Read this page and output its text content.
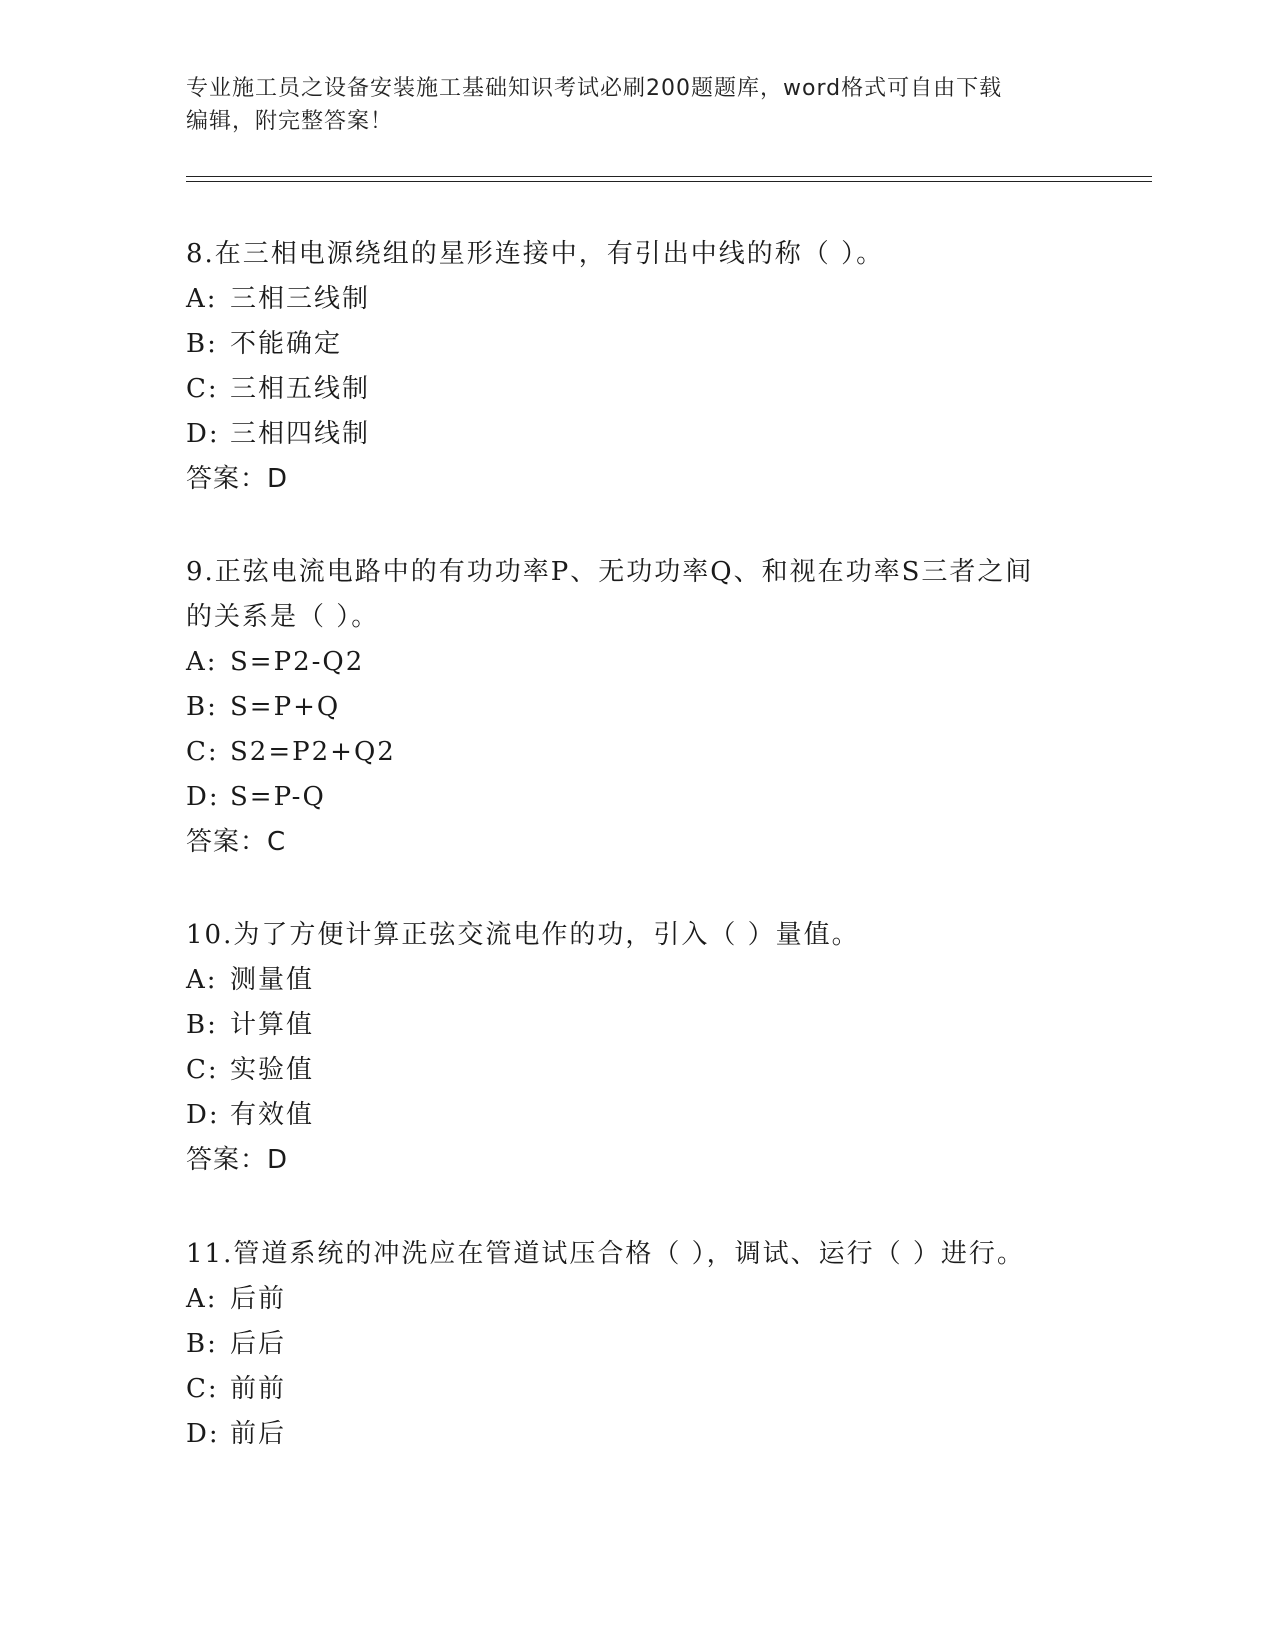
专业施工员之设备安装施工基础知识考试必刷200题题库，word格式可自由下载
编辑，附完整答案！
8.在三相电源绕组的星形连接中，有引出中线的称（ ）。
A: 三相三线制
B: 不能确定
C: 三相五线制
D: 三相四线制
答案：D
9.正弦电流电路中的有功功率P、无功功率Q、和视在功率S三者之间
的关系是（ ）。
A: S=P2-Q2
B: S=P+Q
C: S2=P2+Q2
D: S=P-Q
答案：C
10.为了方便计算正弦交流电作的功，引入（ ）量值。
A: 测量值
B: 计算值
C: 实验值
D: 有效值
答案：D
11.管道系统的冲洗应在管道试压合格（ ），调试、运行（ ）进行。
A: 后前
B: 后后
C: 前前
D: 前后
